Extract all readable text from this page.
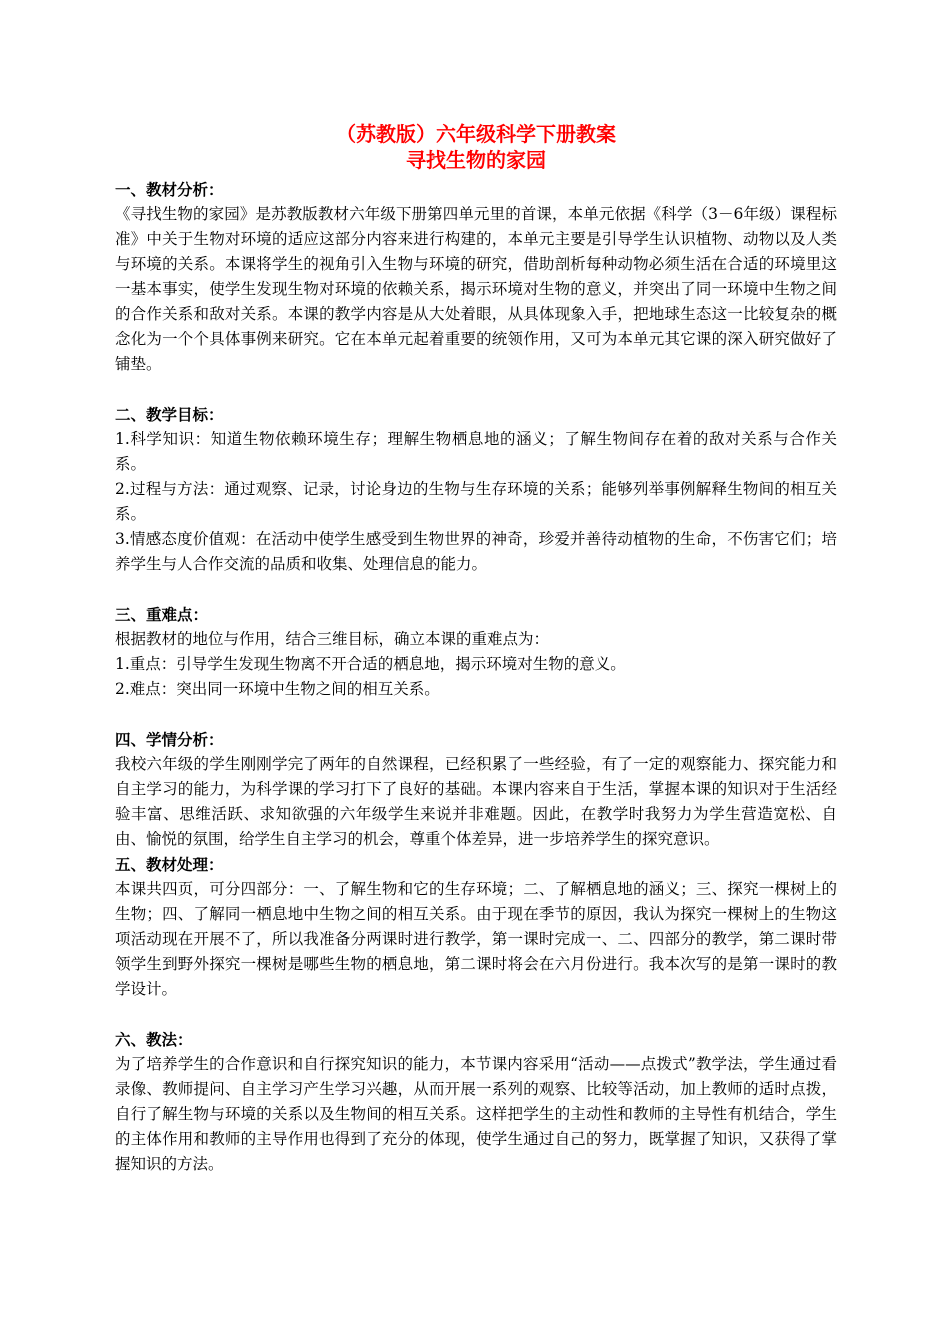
（苏教版）六年级科学下册教案

寻找生物的家园

一、教材分析：

《寻找生物的家园》是苏教版教材六年级下册第四单元里的首课，本单元依据《科学（3－6年级）课程标准》中关于生物对环境的适应这部分内容来进行构建的，本单元主要是引导学生认识植物、动物以及人类与环境的关系。本课将学生的视角引入生物与环境的研究，借助剖析每种动物必须生活在合适的环境里这一基本事实，使学生发现生物对环境的依赖关系，揭示环境对生物的意义，并突出了同一环境中生物之间的合作关系和敌对关系。本课的教学内容是从大处着眼，从具体现象入手，把地球生态这一比较复杂的概念化为一个个具体事例来研究。它在本单元起着重要的统领作用，又可为本单元其它课的深入研究做好了铺垫。

二、教学目标：

1.科学知识：知道生物依赖环境生存；理解生物栖息地的涵义；了解生物间存在着的敌对关系与合作关系。

2.过程与方法：通过观察、记录，讨论身边的生物与生存环境的关系；能够列举事例解释生物间的相互关系。

3.情感态度价值观：在活动中使学生感受到生物世界的神奇，珍爱并善待动植物的生命，不伤害它们；培养学生与人合作交流的品质和收集、处理信息的能力。

三、重难点：

根据教材的地位与作用，结合三维目标，确立本课的重难点为：

1.重点：引导学生发现生物离不开合适的栖息地，揭示环境对生物的意义。

2.难点：突出同一环境中生物之间的相互关系。

四、学情分析：

我校六年级的学生刚刚学完了两年的自然课程，已经积累了一些经验，有了一定的观察能力、探究能力和自主学习的能力，为科学课的学习打下了良好的基础。本课内容来自于生活，掌握本课的知识对于生活经验丰富、思维活跃、求知欲强的六年级学生来说并非难题。因此，在教学时我努力为学生营造宽松、自由、愉悦的氛围，给学生自主学习的机会，尊重个体差异，进一步培养学生的探究意识。

五、教材处理：

本课共四页，可分四部分：一、了解生物和它的生存环境；二、了解栖息地的涵义；三、探究一棵树上的生物；四、了解同一栖息地中生物之间的相互关系。由于现在季节的原因，我认为探究一棵树上的生物这项活动现在开展不了，所以我准备分两课时进行教学，第一课时完成一、二、四部分的教学，第二课时带领学生到野外探究一棵树是哪些生物的栖息地，第二课时将会在六月份进行。我本次写的是第一课时的教学设计。

六、教法：

为了培养学生的合作意识和自行探究知识的能力，本节课内容采用“活动——点拨式”教学法，学生通过看录像、教师提问、自主学习产生学习兴趣，从而开展一系列的观察、比较等活动，加上教师的适时点拨，自行了解生物与环境的关系以及生物间的相互关系。这样把学生的主动性和教师的主导性有机结合，学生的主体作用和教师的主导作用也得到了充分的体现，使学生通过自己的努力，既掌握了知识，又获得了掌握知识的方法。
